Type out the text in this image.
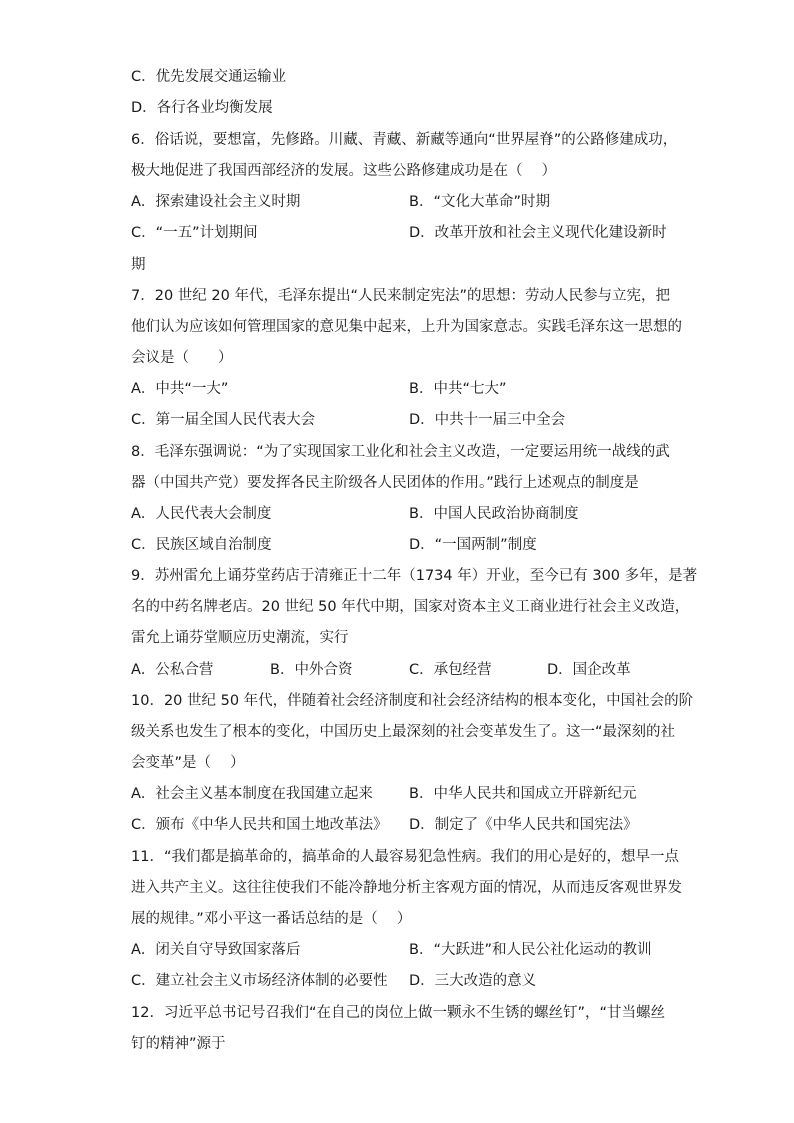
C．优先发展交通运输业
D．各行各业均衡发展
6．俗话说，要想富，先修路。川藏、青藏、新藏等通向“世界屋脊”的公路修建成功，
极大地促进了我国西部经济的发展。这些公路修建成功是在（　 ）
A．探索建设社会主义时期	B．“文化大革命”时期
C．“一五”计划期间	D．改革开放和社会主义现代化建设新时
期
7．20 世纪 20 年代，毛泽东提出“人民来制定宪法”的思想：劳动人民参与立宪，把
他们认为应该如何管理国家的意见集中起来，上升为国家意志。实践毛泽东这一思想的
会议是（　　）
A．中共“一大”	B．中共“七大”
C．第一届全国人民代表大会	D．中共十一届三中全会
8．毛泽东强调说：“为了实现国家工业化和社会主义改造，一定要运用统一战线的武
器（中国共产党）要发挥各民主阶级各人民团体的作用。”践行上述观点的制度是
A．人民代表大会制度	B．中国人民政治协商制度
C．民族区域自治制度	D．“一国两制”制度
9．苏州雷允上诵芬堂药店于清雍正十二年（1734 年）开业，至今已有 300 多年，是著
名的中药名牌老店。20 世纪 50 年代中期，国家对资本主义工商业进行社会主义改造，
雷允上诵芬堂顺应历史潮流，实行
A．公私合营	B．中外合资	C．承包经营	D．国企改革
10．20 世纪 50 年代，伴随着社会经济制度和社会经济结构的根本变化，中国社会的阶
级关系也发生了根本的变化，中国历史上最深刻的社会变革发生了。这一“最深刻的社
会变革”是（　 ）
A．社会主义基本制度在我国建立起来 B．中华人民共和国成立开辟新纪元
C．颁布《中华人民共和国土地改革法》 D．制定了《中华人民共和国宪法》
11．“我们都是搞革命的，搞革命的人最容易犯急性病。我们的用心是好的，想早一点
进入共产主义。这往往使我们不能冷静地分析主客观方面的情况，从而违反客观世界发
展的规律。”邓小平这一番话总结的是（　 ）
A．闭关自守导致国家落后	B．“大跃进”和人民公社化运动的教训
C．建立社会主义市场经济体制的必要性 D．三大改造的意义
12．习近平总书记号召我们“在自己的岗位上做一颗永不生锈的螺丝钉”，“甘当螺丝
钉的精神”源于
